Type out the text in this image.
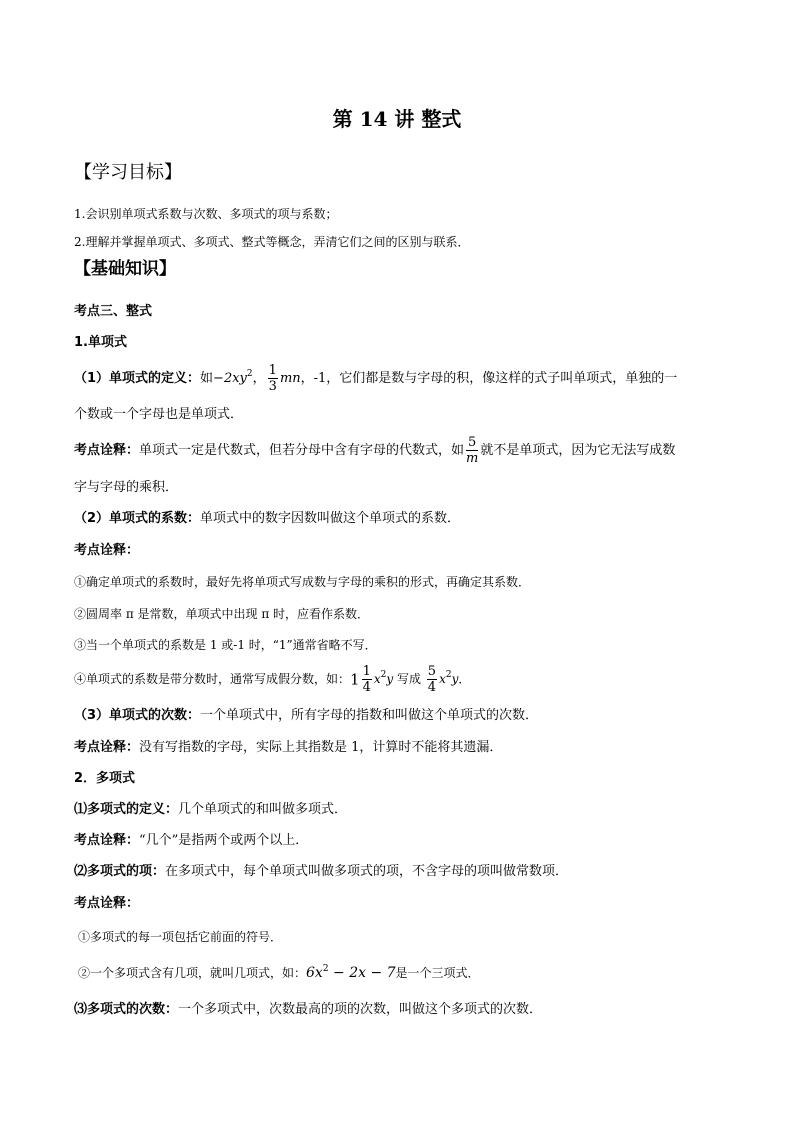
第 14 讲 整式
【学习目标】
1.会识别单项式系数与次数、多项式的项与系数；
2.理解并掌握单项式、多项式、整式等概念，弄清它们之间的区别与联系．
【基础知识】
考点三、整式
1.单项式
（1）单项式的定义：如$-2xy^2$， $\frac{1}{3}$ mn，-1，它们都是数与字母的积，像这样的式子叫单项式，单独的一
个数或一个字母也是单项式．
考点诠释：单项式一定是代数式，但若分母中含有字母的代数式，如 $\frac{5}{m}$ 就不是单项式，因为它无法写成数
字与字母的乘积．
（2）单项式的系数：单项式中的数字因数叫做这个单项式的系数．
考点诠释：
①确定单项式的系数时，最好先将单项式写成数与字母的乘积的形式，再确定其系数．
②圆周率 π 是常数，单项式中出现 π 时，应看作系数．
③当一个单项式的系数是 1 或-1 时，“1”通常省略不写．
④单项式的系数是带分数时，通常写成假分数，如：$1 \frac{1}{4} x^2y$ 写成 $\frac{5}{4} x^2y$．
（3）单项式的次数：一个单项式中，所有字母的指数和叫做这个单项式的次数．
考点诠释：没有写指数的字母，实际上其指数是 1，计算时不能将其遗漏．
2．多项式
⑴多项式的定义：几个单项式的和叫做多项式．
考点诠释：“几个”是指两个或两个以上．
⑵多项式的项：在多项式中，每个单项式叫做多项式的项，不含字母的项叫做常数项．
考点诠释：
①多项式的每一项包括它前面的符号．
②一个多项式含有几项，就叫几项式，如：$6x^2 - 2x - 7$是一个三项式．
⑶多项式的次数：一个多项式中，次数最高的项的次数，叫做这个多项式的次数．
